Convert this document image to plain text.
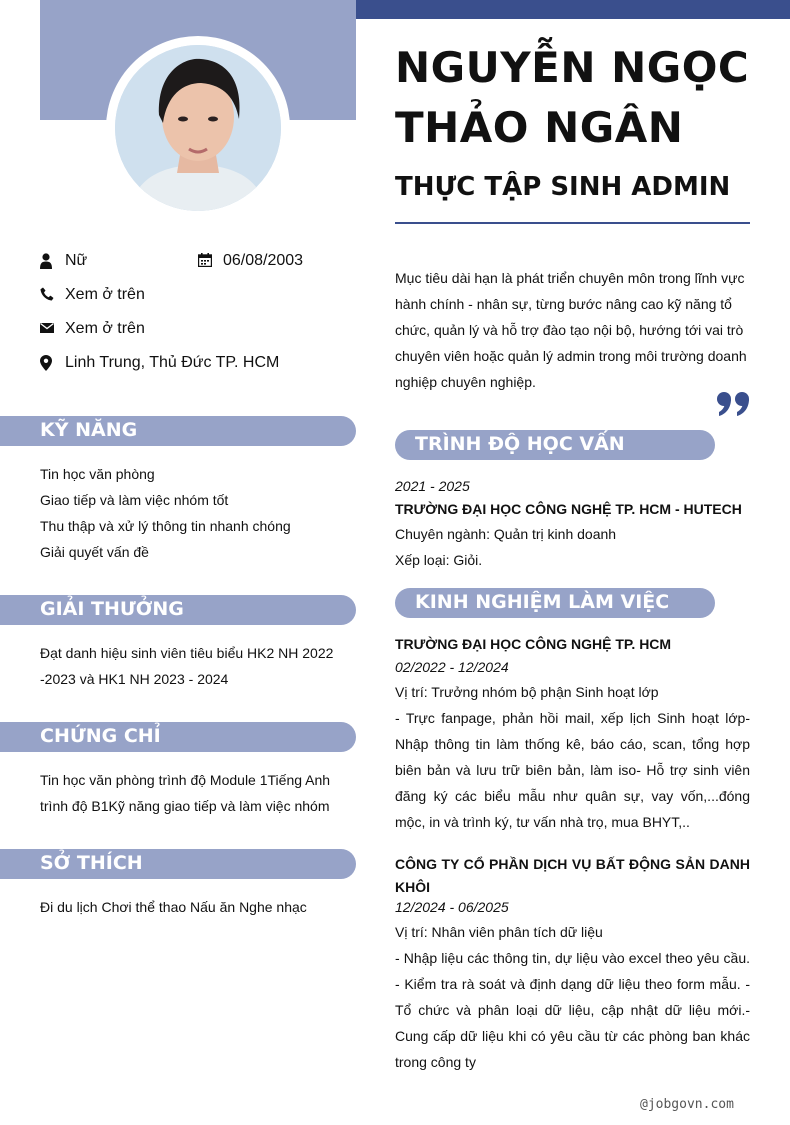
NGUYỄN NGỌC THẢO NGÂN
THỰC TẬP SINH ADMIN
Nữ	06/08/2003
Xem ở trên
Xem ở trên
Linh Trung, Thủ Đức TP. HCM
Mục tiêu dài hạn là phát triển chuyên môn trong lĩnh vực hành chính - nhân sự, từng bước nâng cao kỹ năng tổ chức, quản lý và hỗ trợ đào tạo nội bộ, hướng tới vai trò chuyên viên hoặc quản lý admin trong môi trường doanh nghiệp chuyên nghiệp.
KỸ NĂNG
Tin học văn phòng
Giao tiếp và làm việc nhóm tốt
Thu thập và xử lý thông tin nhanh chóng
Giải quyết vấn đề
GIẢI THƯỞNG
Đạt danh hiệu sinh viên tiêu biểu HK2 NH 2022 -2023 và HK1 NH 2023 - 2024
CHỨNG CHỈ
Tin học văn phòng trình độ Module 1Tiếng Anh trình độ B1Kỹ năng giao tiếp và làm việc nhóm
SỞ THÍCH
Đi du lịch Chơi thể thao Nấu ăn Nghe nhạc
TRÌNH ĐỘ HỌC VẤN
2021 - 2025
TRƯỜNG ĐẠI HỌC CÔNG NGHỆ TP. HCM - HUTECH
Chuyên ngành: Quản trị kinh doanh
Xếp loại: Giỏi.
KINH NGHIỆM LÀM VIỆC
TRƯỜNG ĐẠI HỌC CÔNG NGHỆ TP. HCM
02/2022 - 12/2024
Vị trí: Trưởng nhóm bộ phận Sinh hoạt lớp
- Trực fanpage, phản hồi mail, xếp lịch Sinh hoạt lớp- Nhập thông tin làm thống kê, báo cáo, scan, tổng hợp biên bản và lưu trữ biên bản, làm iso- Hỗ trợ sinh viên đăng ký các biểu mẫu như quân sự, vay vốn,...đóng mộc, in và trình ký, tư vấn nhà trọ, mua BHYT,..
CÔNG TY CỔ PHẦN DỊCH VỤ BẤT ĐỘNG SẢN DANH KHÔI
12/2024 - 06/2025
Vị trí: Nhân viên phân tích dữ liệu
- Nhập liệu các thông tin, dự liệu vào excel theo yêu cầu. - Kiểm tra rà soát và định dạng dữ liệu theo form mẫu. - Tổ chức và phân loại dữ liệu, cập nhật dữ liệu mới.- Cung cấp dữ liệu khi có yêu cầu từ các phòng ban khác trong công ty
@jobgovn.com
